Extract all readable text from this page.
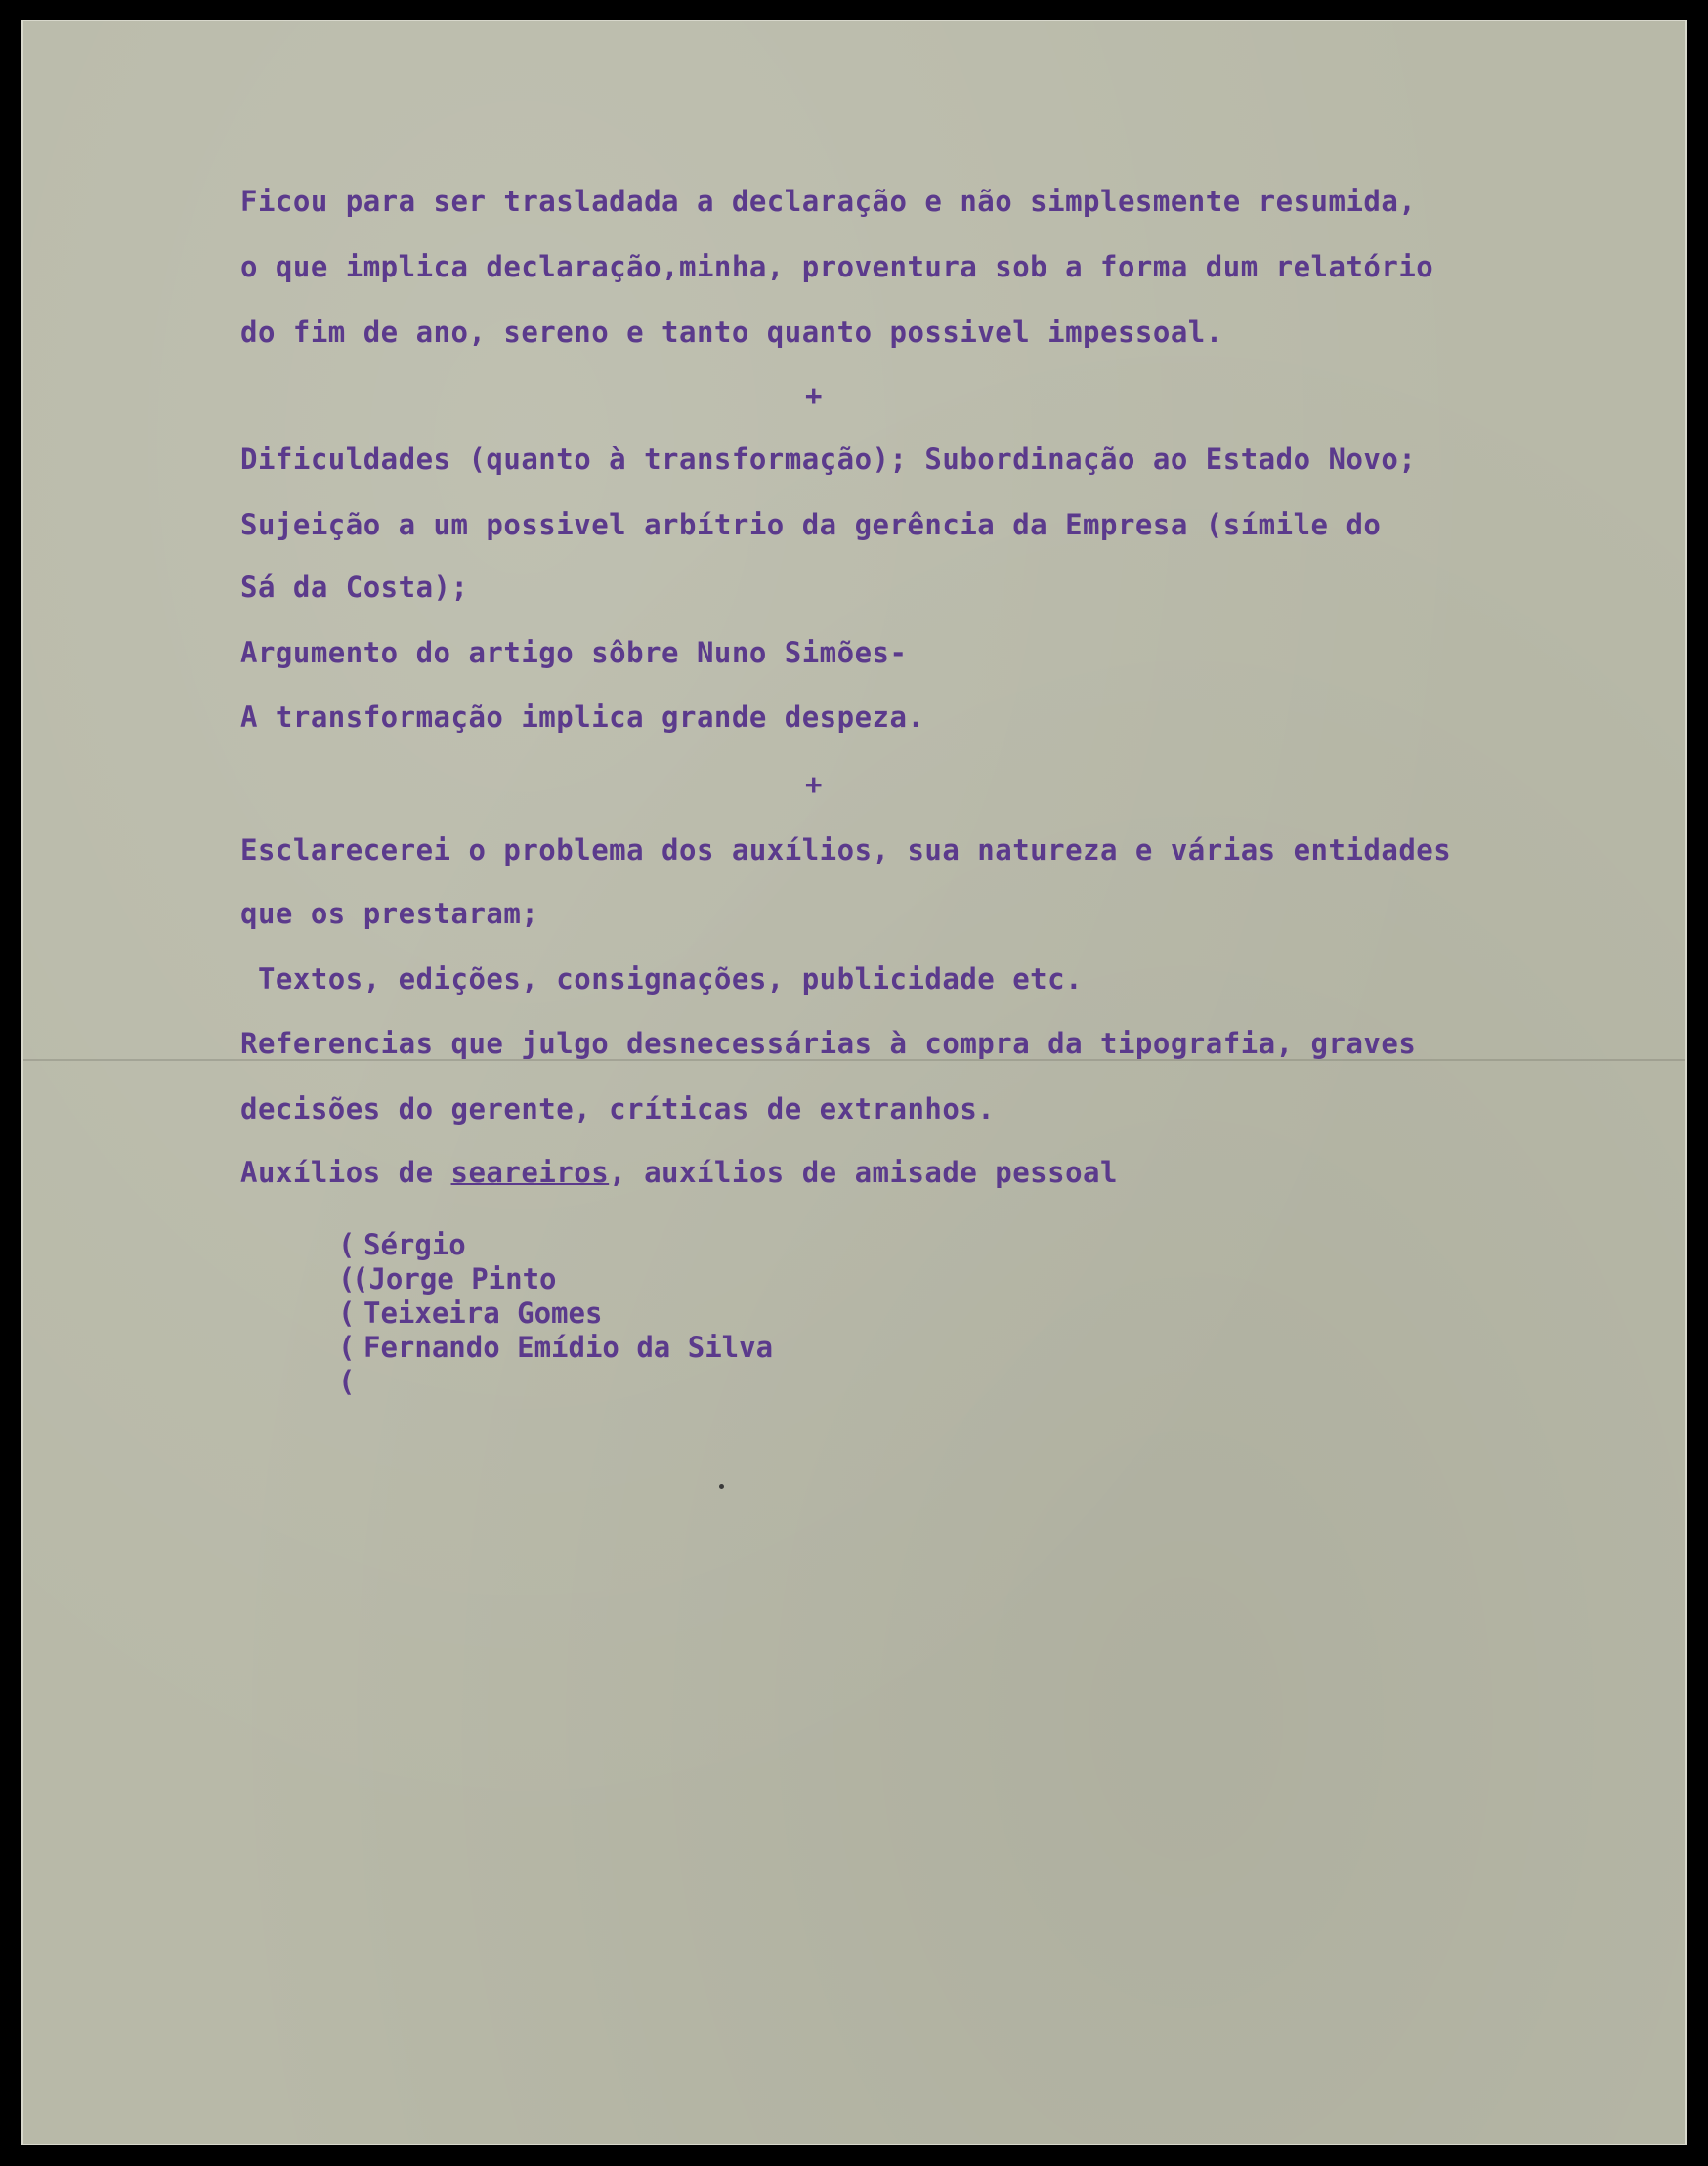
Ficou para ser trasladada a declaração e não simplesmente resumida,
o que implica declaração,minha, proventura sob a forma dum relatório
do fim de ano, sereno e tanto quanto possivel impessoal.
+
Dificuldades (quanto à transformação); Subordinação ao Estado Novo;
Sujeição a um possivel arbítrio da gerência da Empresa (símile do
Sá da Costa);
Argumento do artigo sôbre Nuno Simões-
A transformação implica grande despeza.
+
Esclarecerei o problema dos auxílios, sua natureza e várias entidades
que os prestaram;
Textos, edições, consignações, publicidade etc.
Referencias que julgo desnecessárias à compra da tipografia, graves
decisões do gerente, críticas de extranhos.
Auxílios de seareiros, auxílios de amisade pessoal
(
(
(
(
(
Sérgio
(Jorge Pinto
Teixeira Gomes
Fernando Emídio da Silva
